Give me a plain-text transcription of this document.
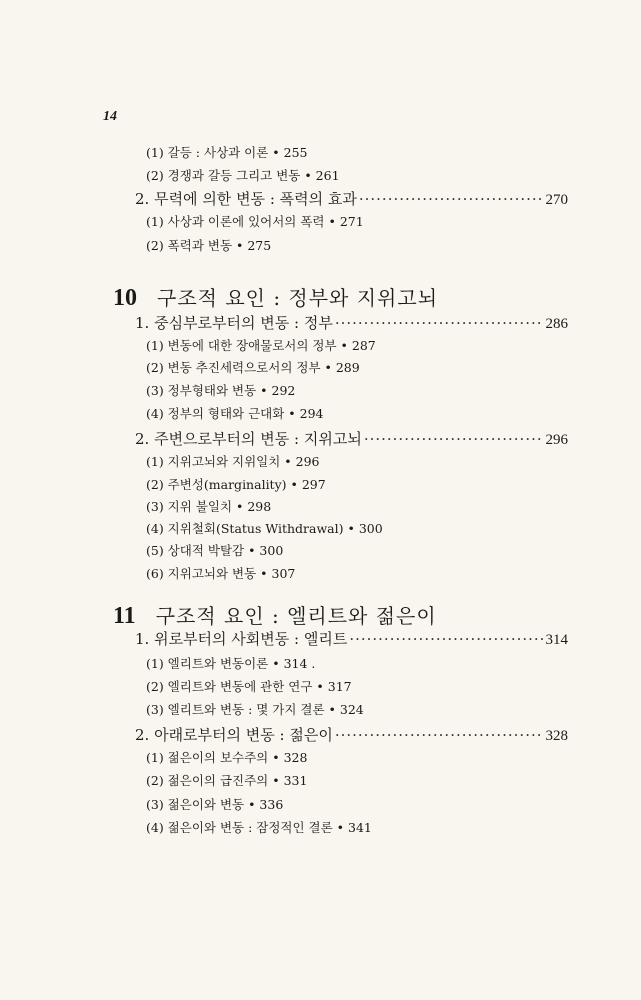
14
(1) 갈등 : 사상과 이론 • 255
(2) 경쟁과 갈등 그리고 변동 • 261
2. 무력에 의한 변동 : 폭력의 효과 ·····	270
(1) 사상과 이론에 있어서의 폭력 • 271
(2) 폭력과 변동 • 275
10 구조적 요인 : 정부와 지위고뇌
1. 중심부로부터의 변동 : 정부 ·····	286
(1) 변동에 대한 장애물로서의 정부 • 287
(2) 변동 추진세력으로서의 정부 • 289
(3) 정부형태와 변동 • 292
(4) 정부의 형태와 근대화 • 294
2. 주변으로부터의 변동 : 지위고뇌 ·····	296
(1) 지위고뇌와 지위일치 • 296
(2) 주변성(marginality) • 297
(3) 지위 불일치 • 298
(4) 지위철회(Status Withdrawal) • 300
(5) 상대적 박탈감 • 300
(6) 지위고뇌와 변동 • 307
11 구조적 요인 : 엘리트와 젊은이
1. 위로부터의 사회변동 : 엘리트 ·····	314
(1) 엘리트와 변동이론 • 314 .
(2) 엘리트와 변동에 관한 연구 • 317
(3) 엘리트와 변동 : 몇 가지 결론 • 324
2. 아래로부터의 변동 : 젊은이 ·····	328
(1) 젊은이의 보수주의 • 328
(2) 젊은이의 급진주의 • 331
(3) 젊은이와 변동 • 336
(4) 젊은이와 변동 : 잠정적인 결론 • 341
